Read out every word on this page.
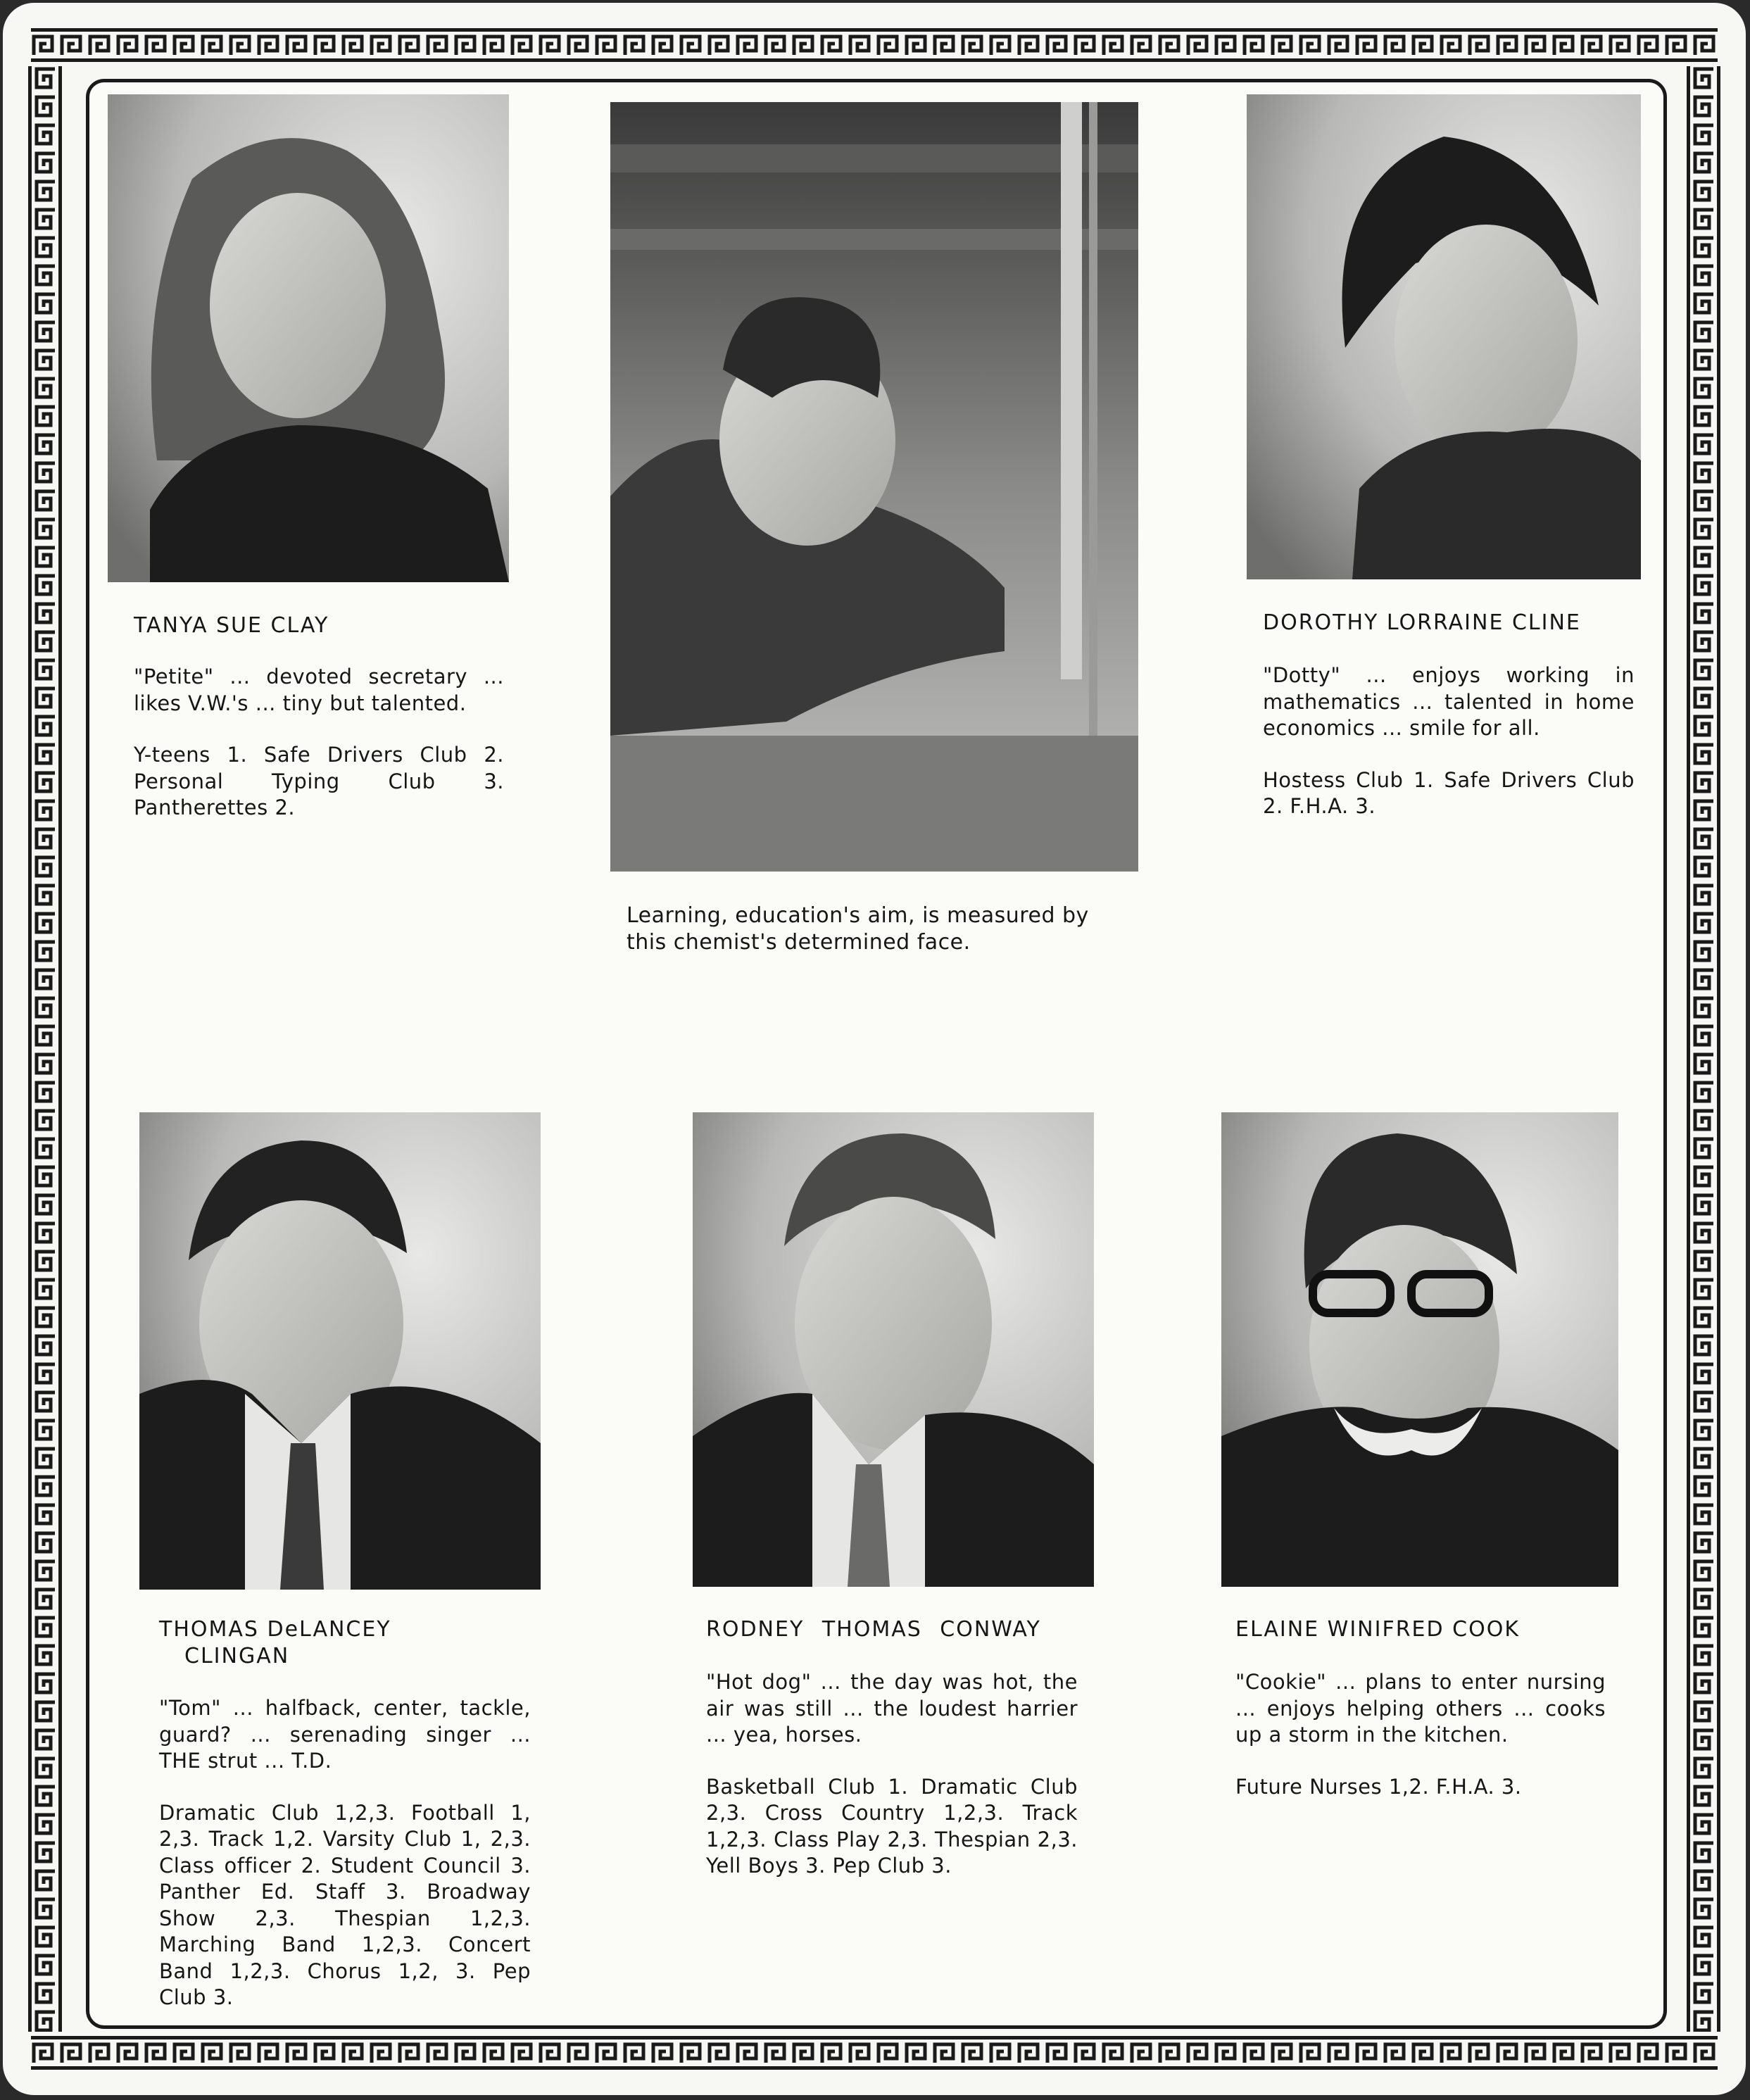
TANYA SUE CLAY

"Petite" ... devoted secretary ... likes V.W.'s ... tiny but talented.

Y-teens 1. Safe Drivers Club 2. Personal Typing Club 3. Pantherettes 2.

Learning, education's aim, is measured by this chemist's determined face.
DOROTHY LORRAINE CLINE

"Dotty" ... enjoys working in mathematics ... talented in home economics ... smile for all.

Hostess Club 1. Safe Drivers Club 2. F.H.A. 3.

THOMAS DeLANCEY
CLINGAN

"Tom" ... halfback, center, tackle, guard? ... serenading singer ... THE strut ... T.D.

Dramatic Club 1,2,3. Football 1, 2,3. Track 1,2. Varsity Club 1, 2,3. Class officer 2. Student Council 3. Panther Ed. Staff 3. Broadway Show 2,3. Thespian 1,2,3. Marching Band 1,2,3. Concert Band 1,2,3. Chorus 1,2, 3. Pep Club 3.

RODNEY THOMAS CONWAY

"Hot dog" ... the day was hot, the air was still ... the loudest harrier ... yea, horses.

Basketball Club 1. Dramatic Club 2,3. Cross Country 1,2,3. Track 1,2,3. Class Play 2,3. Thespian 2,3. Yell Boys 3. Pep Club 3.

ELAINE WINIFRED COOK

"Cookie" ... plans to enter nursing ... enjoys helping others ... cooks up a storm in the kitchen.

Future Nurses 1,2. F.H.A. 3.
